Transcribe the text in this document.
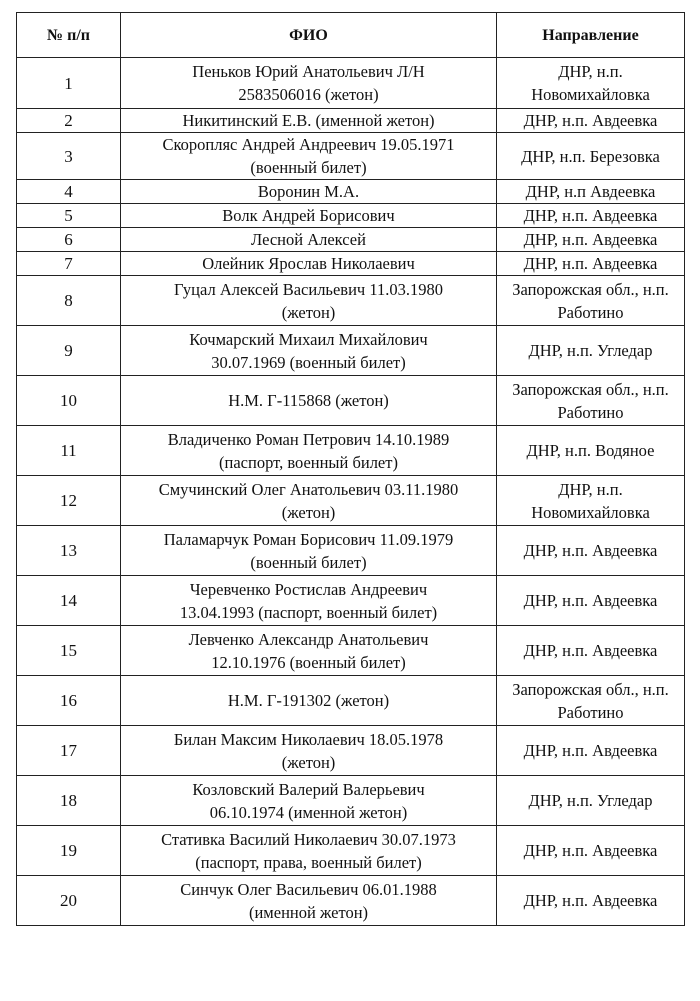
№ п/п	ФИО	Направление
1	Пеньков Юрий Анатольевич Л/Н
2583506016 (жетон)	ДНР, н.п.
Новомихайловка

2	Никитинский Е.В. (именной жетон)	ДНР, н.п. Авдеевка

3	Скоропляс Андрей Андреевич 19.05.1971
(военный билет)	ДНР, н.п. Березовка

4	Воронин М.А.	ДНР, н.п Авдеевка

5	Волк Андрей Борисович	ДНР, н.п. Авдеевка

6	Лесной Алексей	ДНР, н.п. Авдеевка

7	Олейник Ярослав Николаевич	ДНР, н.п. Авдеевка

8	Гуцал Алексей Васильевич 11.03.1980
(жетон)	Запорожская обл., н.п.
Работино

9	Кочмарский Михаил Михайлович
30.07.1969 (военный билет)	ДНР, н.п. Угледар

10	Н.М. Г-115868 (жетон)	Запорожская обл., н.п.
Работино

11	Владиченко Роман Петрович 14.10.1989
(паспорт, военный билет)	ДНР, н.п. Водяное

12	Смучинский Олег Анатольевич 03.11.1980
(жетон)	ДНР, н.п.
Новомихайловка

13	Паламарчук Роман Борисович 11.09.1979
(военный билет)	ДНР, н.п. Авдеевка

14	Черевченко Ростислав Андреевич
13.04.1993 (паспорт, военный билет)	ДНР, н.п. Авдеевка

15	Левченко Александр Анатольевич
12.10.1976 (военный билет)	ДНР, н.п. Авдеевка

16	Н.М. Г-191302 (жетон)	Запорожская обл., н.п.
Работино

17	Билан Максим Николаевич 18.05.1978
(жетон)	ДНР, н.п. Авдеевка

18	Козловский Валерий Валерьевич
06.10.1974 (именной жетон)	ДНР, н.п. Угледар

19	Стативка Василий Николаевич 30.07.1973
(паспорт, права, военный билет)	ДНР, н.п. Авдеевка

20	Синчук Олег Васильевич 06.01.1988
(именной жетон)	ДНР, н.п. Авдеевка
